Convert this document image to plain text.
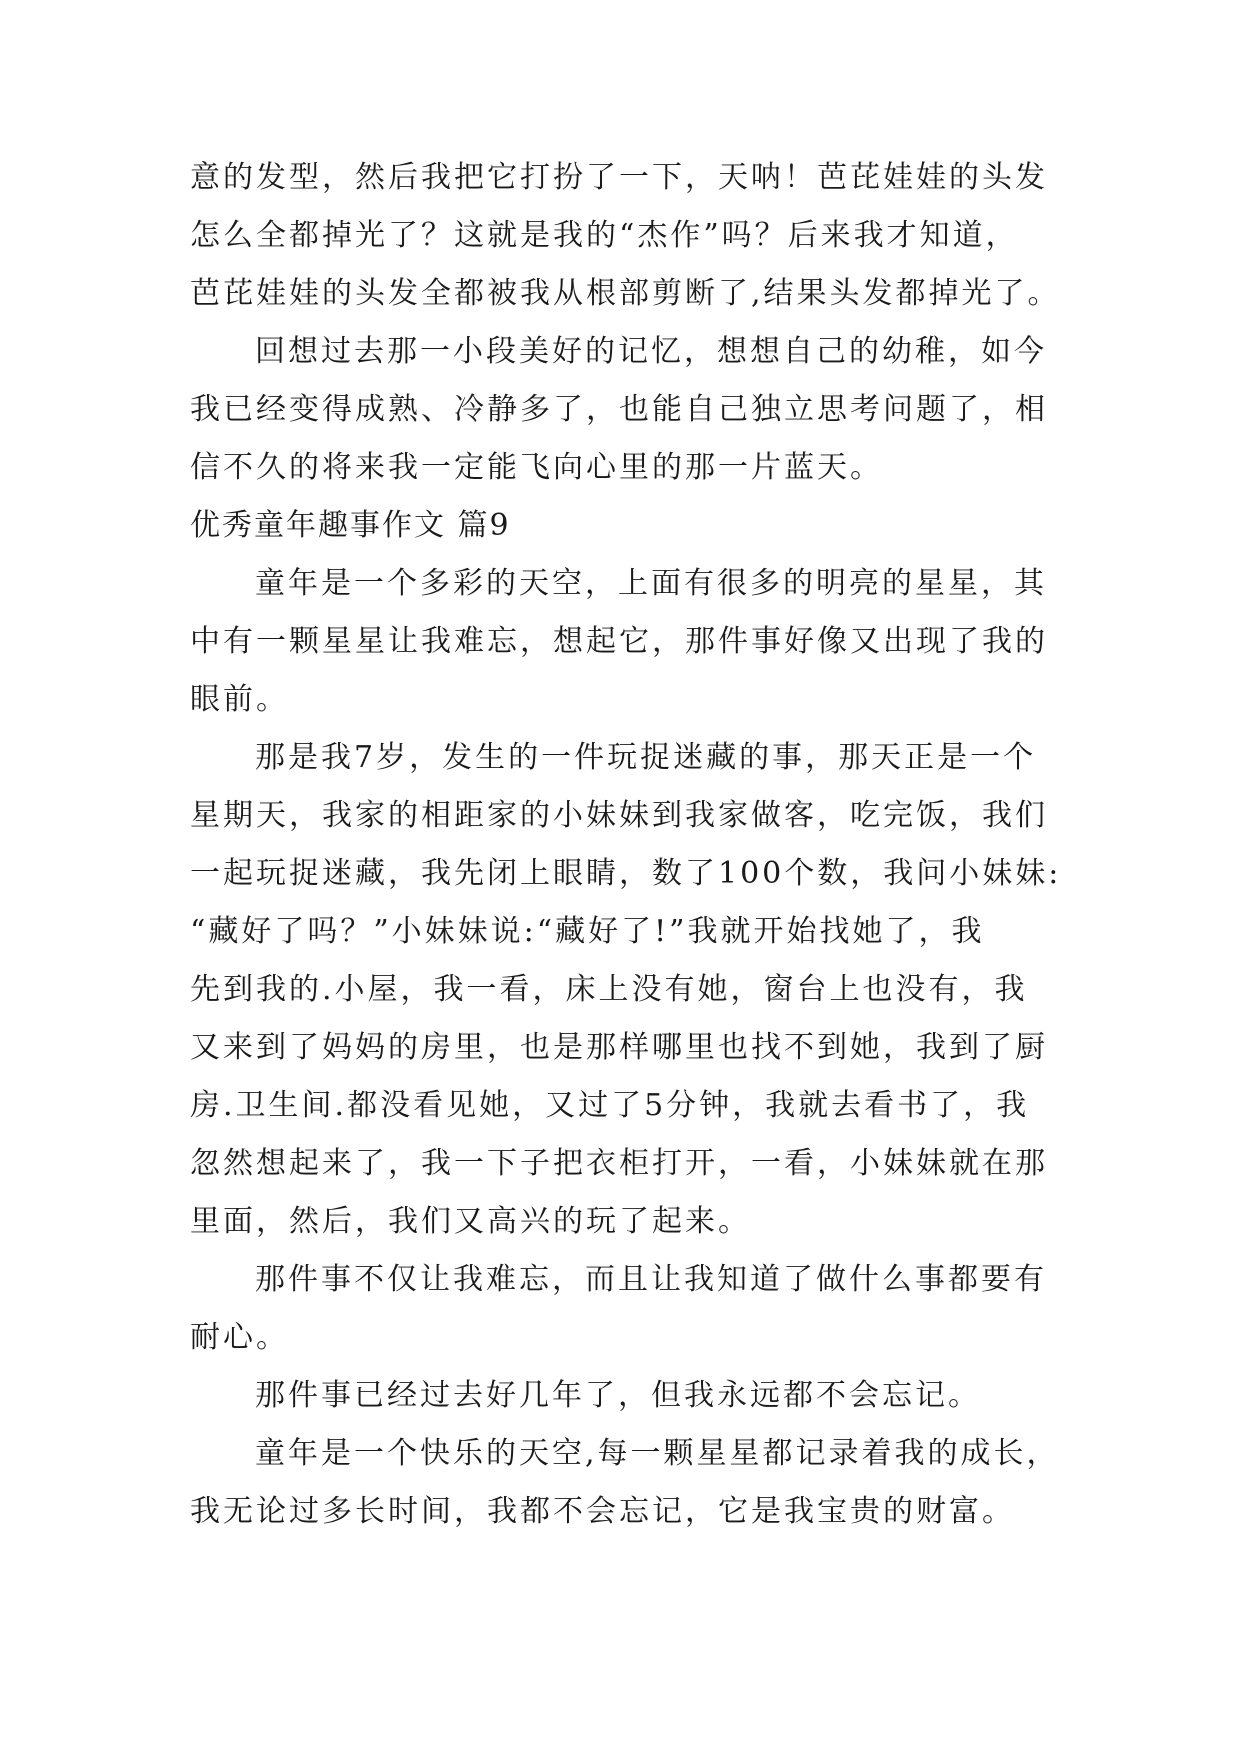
意的发型，然后我把它打扮了一下，天呐！芭芘娃娃的头发
怎么全都掉光了？这就是我的“杰作”吗？后来我才知道，
芭芘娃娃的头发全都被我从根部剪断了,结果头发都掉光了。
回想过去那一小段美好的记忆，想想自己的幼稚，如今
我已经变得成熟、冷静多了，也能自己独立思考问题了，相
信不久的将来我一定能飞向心里的那一片蓝天。
优秀童年趣事作文 篇9
童年是一个多彩的天空，上面有很多的明亮的星星，其
中有一颗星星让我难忘，想起它，那件事好像又出现了我的
眼前。
那是我7岁，发生的一件玩捉迷藏的事，那天正是一个
星期天，我家的相距家的小妹妹到我家做客，吃完饭，我们
一起玩捉迷藏，我先闭上眼睛，数了100个数，我问小妹妹:
“藏好了吗？”小妹妹说:“藏好了!”我就开始找她了，我
先到我的.小屋，我一看，床上没有她，窗台上也没有，我
又来到了妈妈的房里，也是那样哪里也找不到她，我到了厨
房.卫生间.都没看见她，又过了5分钟，我就去看书了，我
忽然想起来了，我一下子把衣柜打开，一看，小妹妹就在那
里面，然后，我们又高兴的玩了起来。
那件事不仅让我难忘，而且让我知道了做什么事都要有
耐心。
那件事已经过去好几年了，但我永远都不会忘记。
童年是一个快乐的天空,每一颗星星都记录着我的成长，
我无论过多长时间，我都不会忘记，它是我宝贵的财富。
